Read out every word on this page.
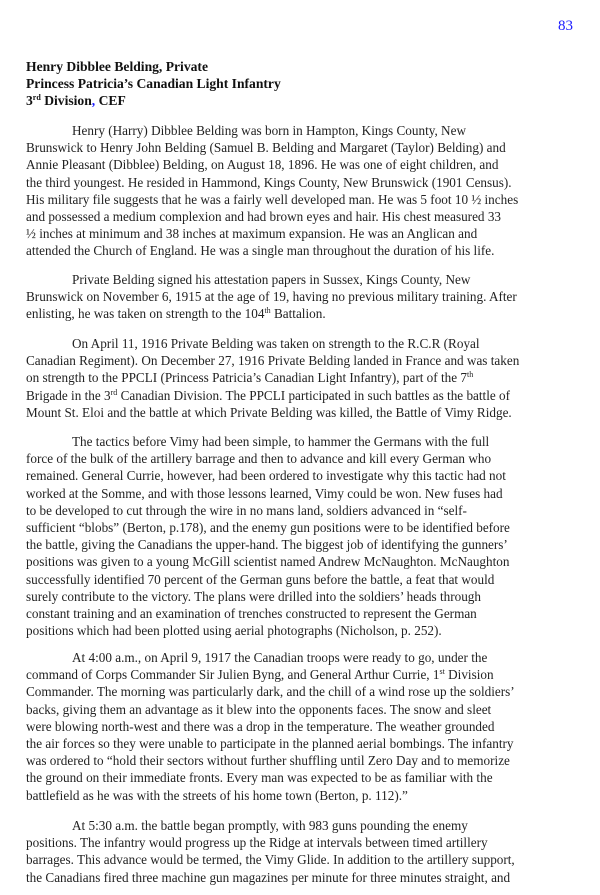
83
Henry Dibblee Belding, Private
Princess Patricia’s Canadian Light Infantry
3rd Division, CEF
Henry (Harry) Dibblee Belding was born in Hampton, Kings County, New
Brunswick to Henry John Belding (Samuel B. Belding and Margaret (Taylor) Belding) and
Annie Pleasant (Dibblee) Belding, on August 18, 1896. He was one of eight children, and
the third youngest. He resided in Hammond, Kings County, New Brunswick (1901 Census).
His military file suggests that he was a fairly well developed man. He was 5 foot 10 ½ inches
and possessed a medium complexion and had brown eyes and hair. His chest measured 33
½ inches at minimum and 38 inches at maximum expansion. He was an Anglican and
attended the Church of England. He was a single man throughout the duration of his life.
Private Belding signed his attestation papers in Sussex, Kings County, New
Brunswick on November 6, 1915 at the age of 19, having no previous military training. After
enlisting, he was taken on strength to the 104th Battalion.
On April 11, 1916 Private Belding was taken on strength to the R.C.R (Royal
Canadian Regiment). On December 27, 1916 Private Belding landed in France and was taken
on strength to the PPCLI (Princess Patricia’s Canadian Light Infantry), part of the 7th
Brigade in the 3rd Canadian Division. The PPCLI participated in such battles as the battle of
Mount St. Eloi and the battle at which Private Belding was killed, the Battle of Vimy Ridge.
The tactics before Vimy had been simple, to hammer the Germans with the full
force of the bulk of the artillery barrage and then to advance and kill every German who
remained. General Currie, however, had been ordered to investigate why this tactic had not
worked at the Somme, and with those lessons learned, Vimy could be won. New fuses had
to be developed to cut through the wire in no mans land, soldiers advanced in “self-
sufficient “blobs” (Berton, p.178), and the enemy gun positions were to be identified before
the battle, giving the Canadians the upper-hand. The biggest job of identifying the gunners’
positions was given to a young McGill scientist named Andrew McNaughton. McNaughton
successfully identified 70 percent of the German guns before the battle, a feat that would
surely contribute to the victory. The plans were drilled into the soldiers’ heads through
constant training and an examination of trenches constructed to represent the German
positions which had been plotted using aerial photographs (Nicholson, p. 252).
At 4:00 a.m., on April 9, 1917 the Canadian troops were ready to go, under the
command of Corps Commander Sir Julien Byng, and General Arthur Currie, 1st Division
Commander. The morning was particularly dark, and the chill of a wind rose up the soldiers’
backs, giving them an advantage as it blew into the opponents faces. The snow and sleet
were blowing north-west and there was a drop in the temperature. The weather grounded
the air forces so they were unable to participate in the planned aerial bombings. The infantry
was ordered to “hold their sectors without further shuffling until Zero Day and to memorize
the ground on their immediate fronts. Every man was expected to be as familiar with the
battlefield as he was with the streets of his home town (Berton, p. 112).”
At 5:30 a.m. the battle began promptly, with 983 guns pounding the enemy
positions. The infantry would progress up the Ridge at intervals between timed artillery
barrages. This advance would be termed, the Vimy Glide. In addition to the artillery support,
the Canadians fired three machine gun magazines per minute for three minutes straight, and
